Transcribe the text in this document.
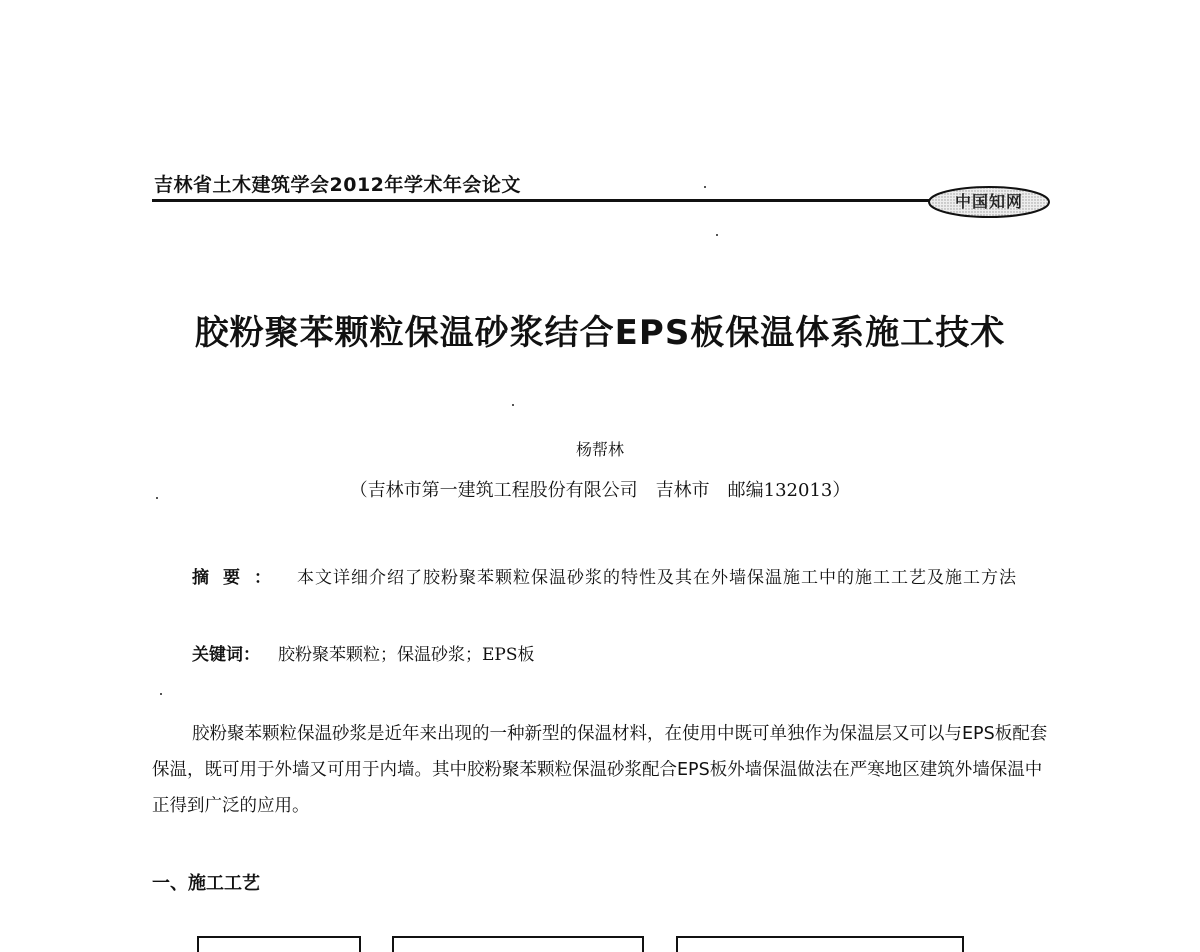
吉林省土木建筑学会2012年学术年会论文
中国知网
胶粉聚苯颗粒保温砂浆结合EPS板保温体系施工技术
杨帮林
（吉林市第一建筑工程股份有限公司　吉林市　邮编132013）
摘要： 本文详细介绍了胶粉聚苯颗粒保温砂浆的特性及其在外墙保温施工中的施工工艺及施工方法
关键词： 胶粉聚苯颗粒；保温砂浆；EPS板
胶粉聚苯颗粒保温砂浆是近年来出现的一种新型的保温材料，在使用中既可单独作为保温层又可以与EPS板配套保温，既可用于外墙又可用于内墙。其中胶粉聚苯颗粒保温砂浆配合EPS板外墙保温做法在严寒地区建筑外墙保温中正得到广泛的应用。
一、施工工艺
